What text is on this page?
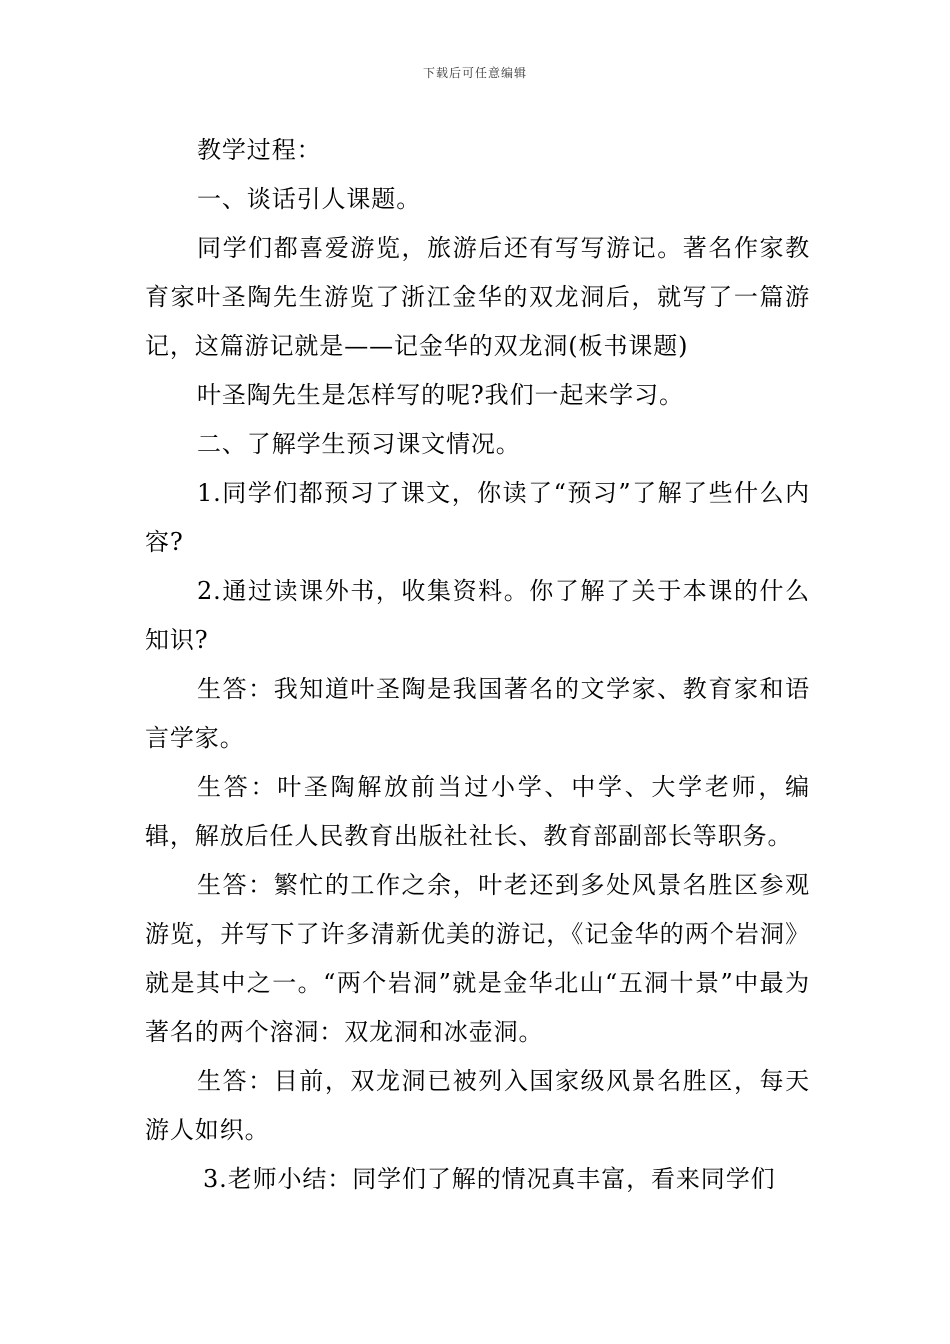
下载后可任意编辑

教学过程：

一、谈话引人课题。

同学们都喜爱游览，旅游后还有写写游记。著名作家教育家叶圣陶先生游览了浙江金华的双龙洞后，就写了一篇游记，这篇游记就是——记金华的双龙洞(板书课题)

叶圣陶先生是怎样写的呢?我们一起来学习。

二、了解学生预习课文情况。

1.同学们都预习了课文，你读了“预习”了解了些什么内容?

2.通过读课外书，收集资料。你了解了关于本课的什么知识?

生答：我知道叶圣陶是我国著名的文学家、教育家和语言学家。

生答：叶圣陶解放前当过小学、中学、大学老师，编辑，解放后任人民教育出版社社长、教育部副部长等职务。

生答：繁忙的工作之余，叶老还到多处风景名胜区参观游览，并写下了许多清新优美的游记，《记金华的两个岩洞》就是其中之一。“两个岩洞”就是金华北山“五洞十景”中最为著名的两个溶洞：双龙洞和冰壶洞。

生答：目前，双龙洞已被列入国家级风景名胜区，每天游人如织。

3.老师小结：同学们了解的情况真丰富，看来同学们
